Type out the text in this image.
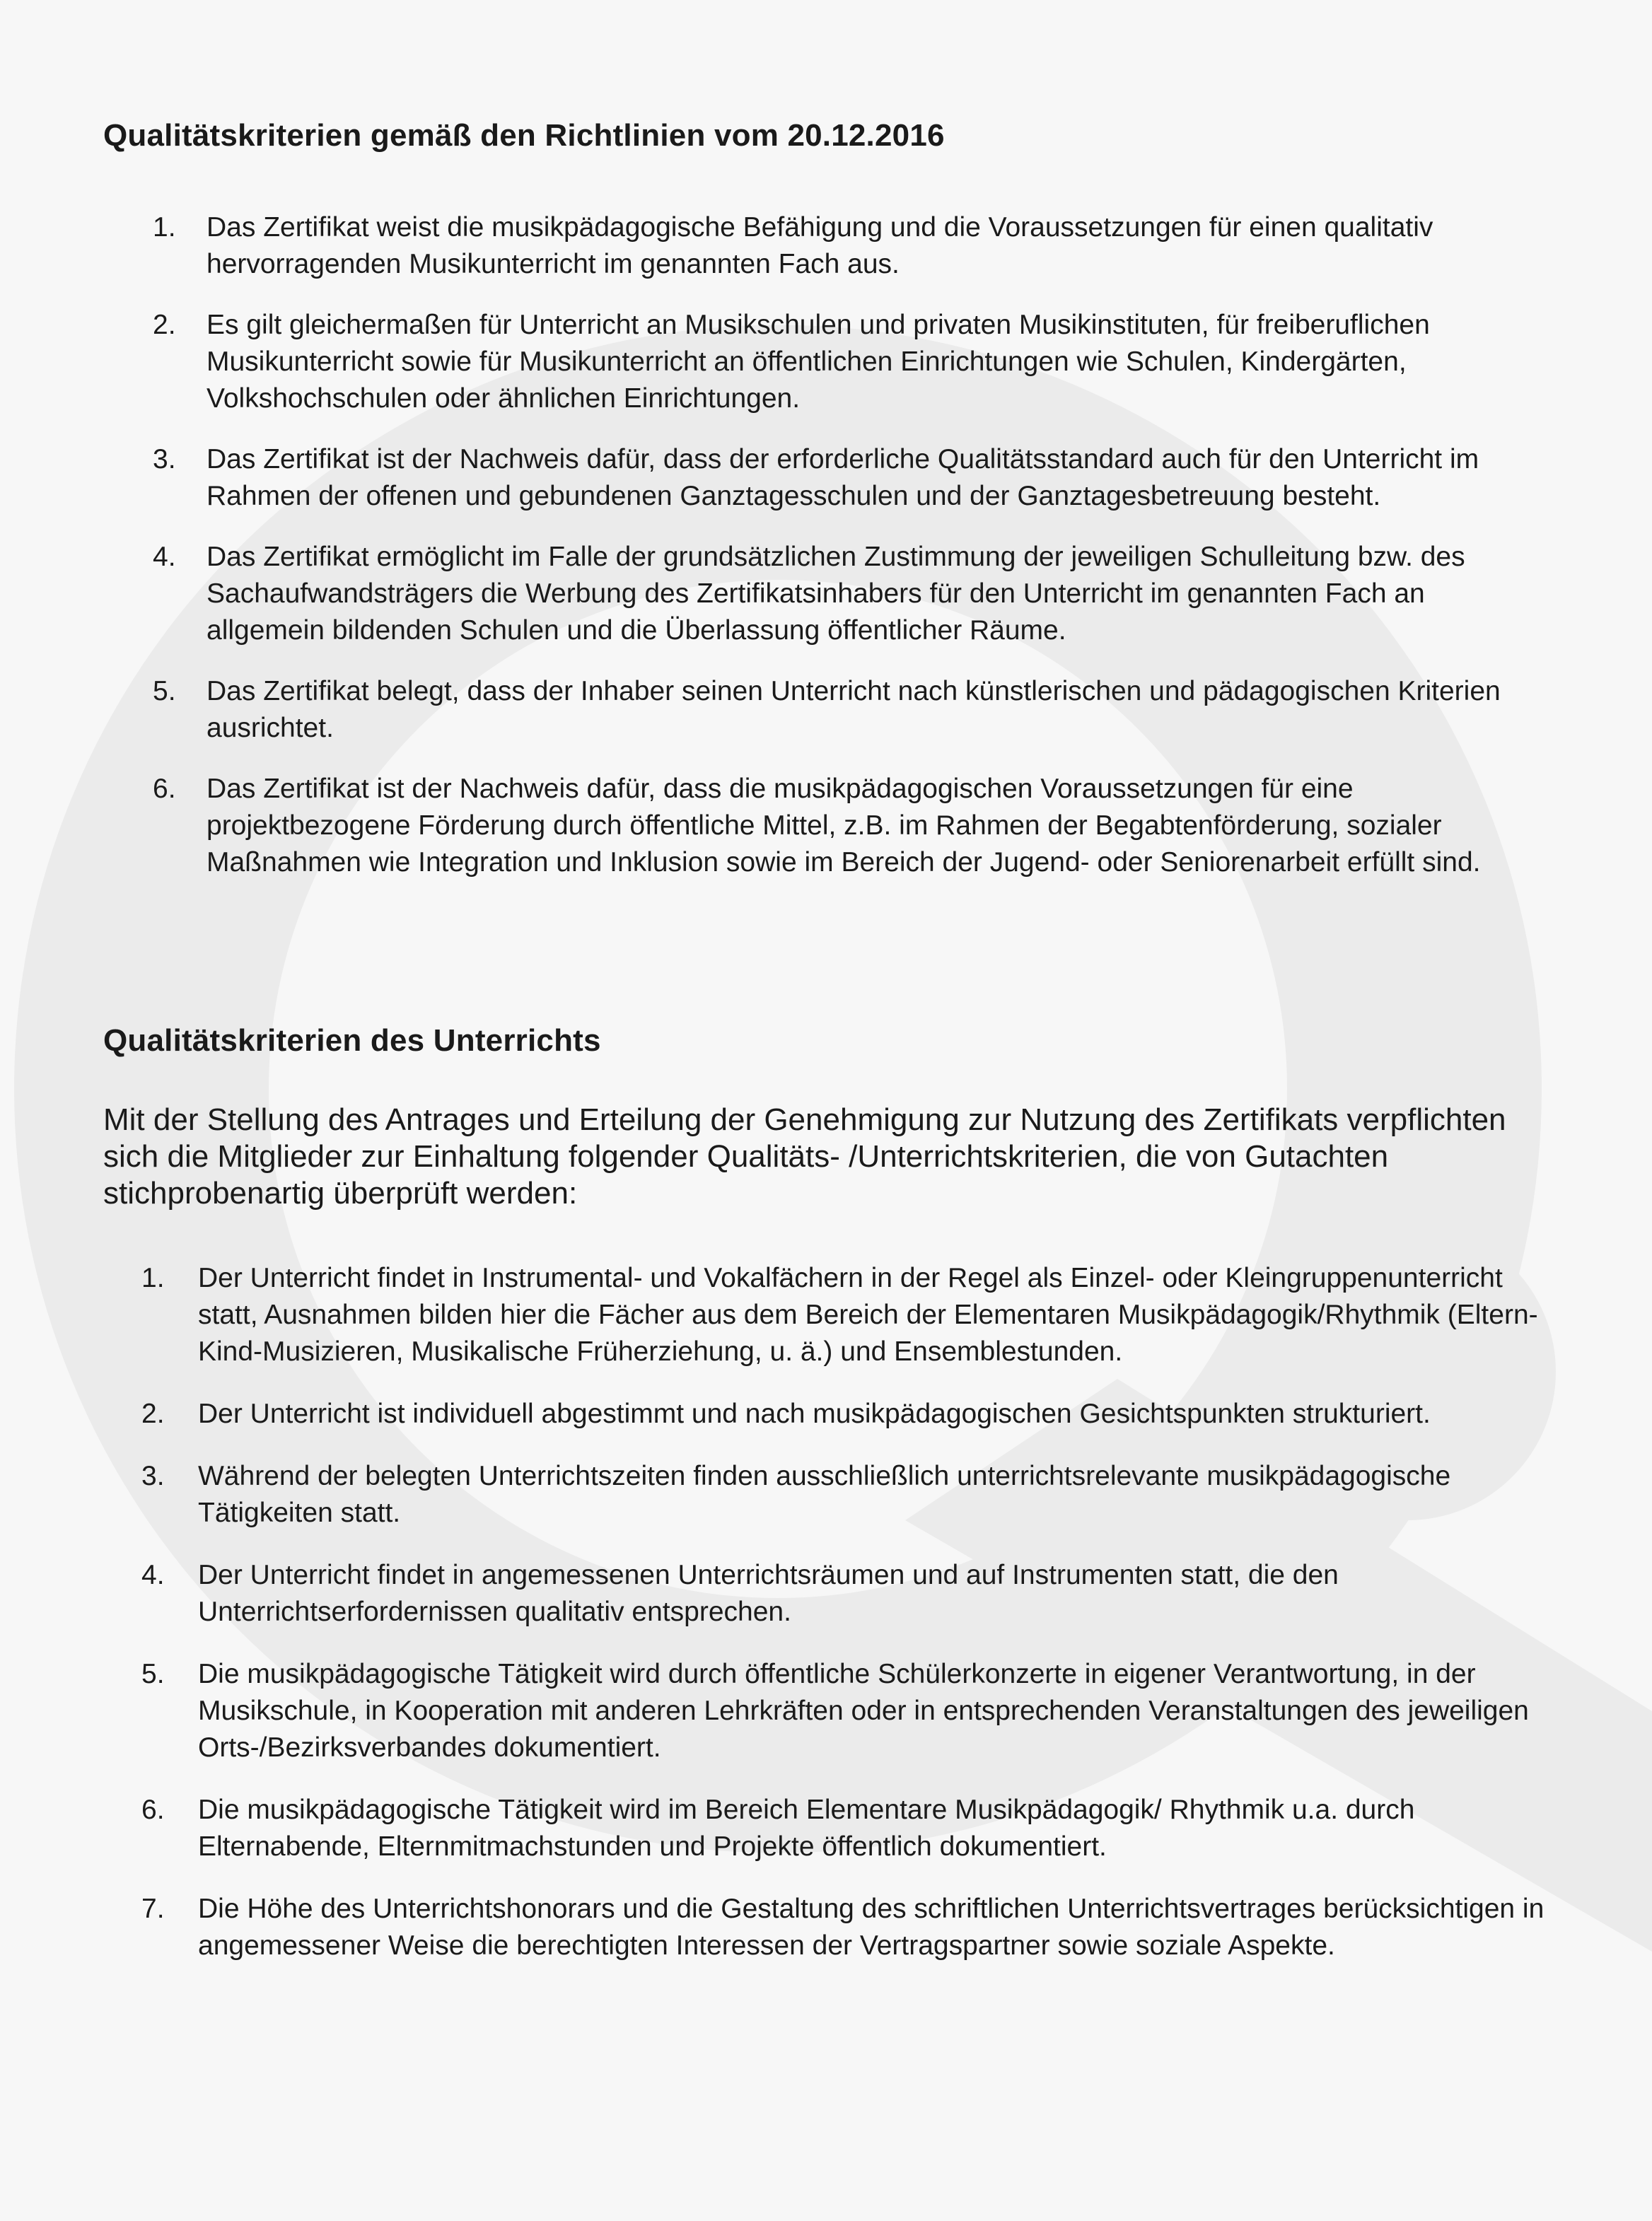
Qualitätskriterien gemäß den Richtlinien vom 20.12.2016
1. Das Zertifikat weist die musikpädagogische Befähigung und die Voraussetzungen für einen qualitativ hervorragenden Musikunterricht im genannten Fach aus.
2. Es gilt gleichermaßen für Unterricht an Musikschulen und privaten Musikinstituten, für freiberuflichen Musikunterricht sowie für Musikunterricht an öffentlichen Einrichtungen wie Schulen, Kindergärten, Volkshochschulen oder ähnlichen Einrichtungen.
3. Das Zertifikat ist der Nachweis dafür, dass der erforderliche Qualitätsstandard auch für den Unterricht im Rahmen der offenen und gebundenen Ganztagesschulen und der Ganztagesbetreuung besteht.
4. Das Zertifikat ermöglicht im Falle der grundsätzlichen Zustimmung der jeweiligen Schulleitung bzw. des Sachaufwandsträgers die Werbung des Zertifikatsinhabers für den Unterricht im genannten Fach an allgemein bildenden Schulen und die Überlassung öffentlicher Räume.
5. Das Zertifikat belegt, dass der Inhaber seinen Unterricht nach künstlerischen und pädagogischen Kriterien ausrichtet.
6. Das Zertifikat ist der Nachweis dafür, dass die musikpädagogischen Voraussetzungen für eine projektbezogene Förderung durch öffentliche Mittel, z.B. im Rahmen der Begabtenförderung, sozialer Maßnahmen wie Integration und Inklusion sowie im Bereich der Jugend- oder Seniorenarbeit erfüllt sind.
Qualitätskriterien des Unterrichts

Mit der Stellung des Antrages und Erteilung der Genehmigung zur Nutzung des Zertifikats verpflichten sich die Mitglieder zur Einhaltung folgender Qualitäts- /Unterrichtskriterien, die von Gutachten stichprobenartig überprüft werden:

1. Der Unterricht findet in Instrumental- und Vokalfächern in der Regel als Einzel- oder Kleingruppenunterricht statt, Ausnahmen bilden hier die Fächer aus dem Bereich der Elementaren Musikpädagogik/Rhythmik (Eltern-Kind-Musizieren, Musikalische Früherziehung, u. ä.) und Ensemblestunden.
2. Der Unterricht ist individuell abgestimmt und nach musikpädagogischen Gesichtspunkten strukturiert.
3. Während der belegten Unterrichtszeiten finden ausschließlich unterrichtsrelevante musikpädagogische Tätigkeiten statt.
4. Der Unterricht findet in angemessenen Unterrichtsräumen und auf Instrumenten statt, die den Unterrichtserfordernissen qualitativ entsprechen.
5. Die musikpädagogische Tätigkeit wird durch öffentliche Schülerkonzerte in eigener Verantwortung, in der Musikschule, in Kooperation mit anderen Lehrkräften oder in entsprechenden Veranstaltungen des jeweiligen Orts-/Bezirksverbandes dokumentiert.
6. Die musikpädagogische Tätigkeit wird im Bereich Elementare Musikpädagogik/ Rhythmik u.a. durch Elternabende, Elternmitmachstunden und Projekte öffentlich dokumentiert.
7. Die Höhe des Unterrichtshonorars und die Gestaltung des schriftlichen Unterrichtsvertrages berücksichtigen in angemessener Weise die berechtigten Interessen der Vertragspartner sowie soziale Aspekte.
